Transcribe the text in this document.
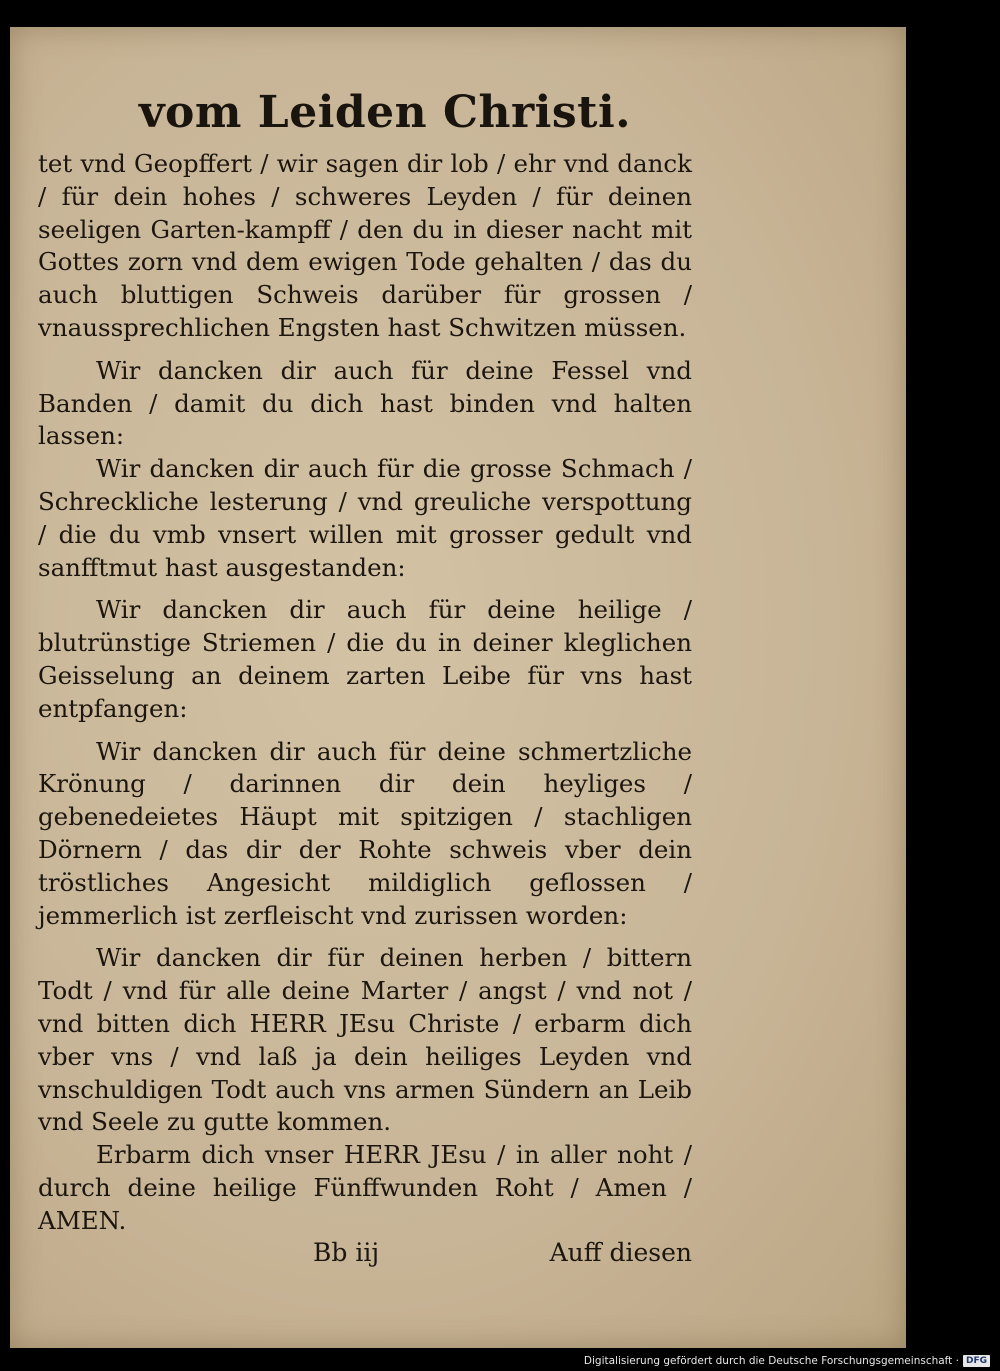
vom Leiden Christi.

tet vnd Geopffert / wir sagen dir lob / ehr vnd danck / für dein hohes / schweres Leyden / für deinen seeligen Garten-kampff / den du in dieser nacht mit Gottes zorn vnd dem ewigen Tode gehalten / das du auch bluttigen Schweis darüber für grossen / vnaussprechlichen Engsten hast Schwitzen müssen.

Wir dancken dir auch für deine Fessel vnd Banden / damit du dich hast binden vnd halten lassen:

Wir dancken dir auch für die grosse Schmach / Schreckliche lesterung / vnd greuliche verspottung / die du vmb vnsert willen mit grosser gedult vnd sanfftmut hast ausgestanden:

Wir dancken dir auch für deine heilige / blutrünstige Striemen / die du in deiner kleglichen Geisselung an deinem zarten Leibe für vns hast entpfangen:

Wir dancken dir auch für deine schmertzliche Krönung / darinnen dir dein heyliges / gebenedeietes Häupt mit spitzigen / stachligen Dörnern / das dir der Rohte schweis vber dein tröstliches Angesicht mildiglich geflossen / jemmerlich ist zerfleischt vnd zurissen worden:

Wir dancken dir für deinen herben / bittern Todt / vnd für alle deine Marter / angst / vnd not / vnd bitten dich HERR JEsu Christe / erbarm dich vber vns / vnd laß ja dein heiliges Leyden vnd vnschuldigen Todt auch vns armen Sündern an Leib vnd Seele zu gutte kommen.

Erbarm dich vnser HERR JEsu / in aller noht / durch deine heilige Fünffwunden Roht / Amen / AMEN.

Bb iij	Auff diesen
Digitalisierung gefördert durch die Deutsche Forschungsgemeinschaft · DFG
